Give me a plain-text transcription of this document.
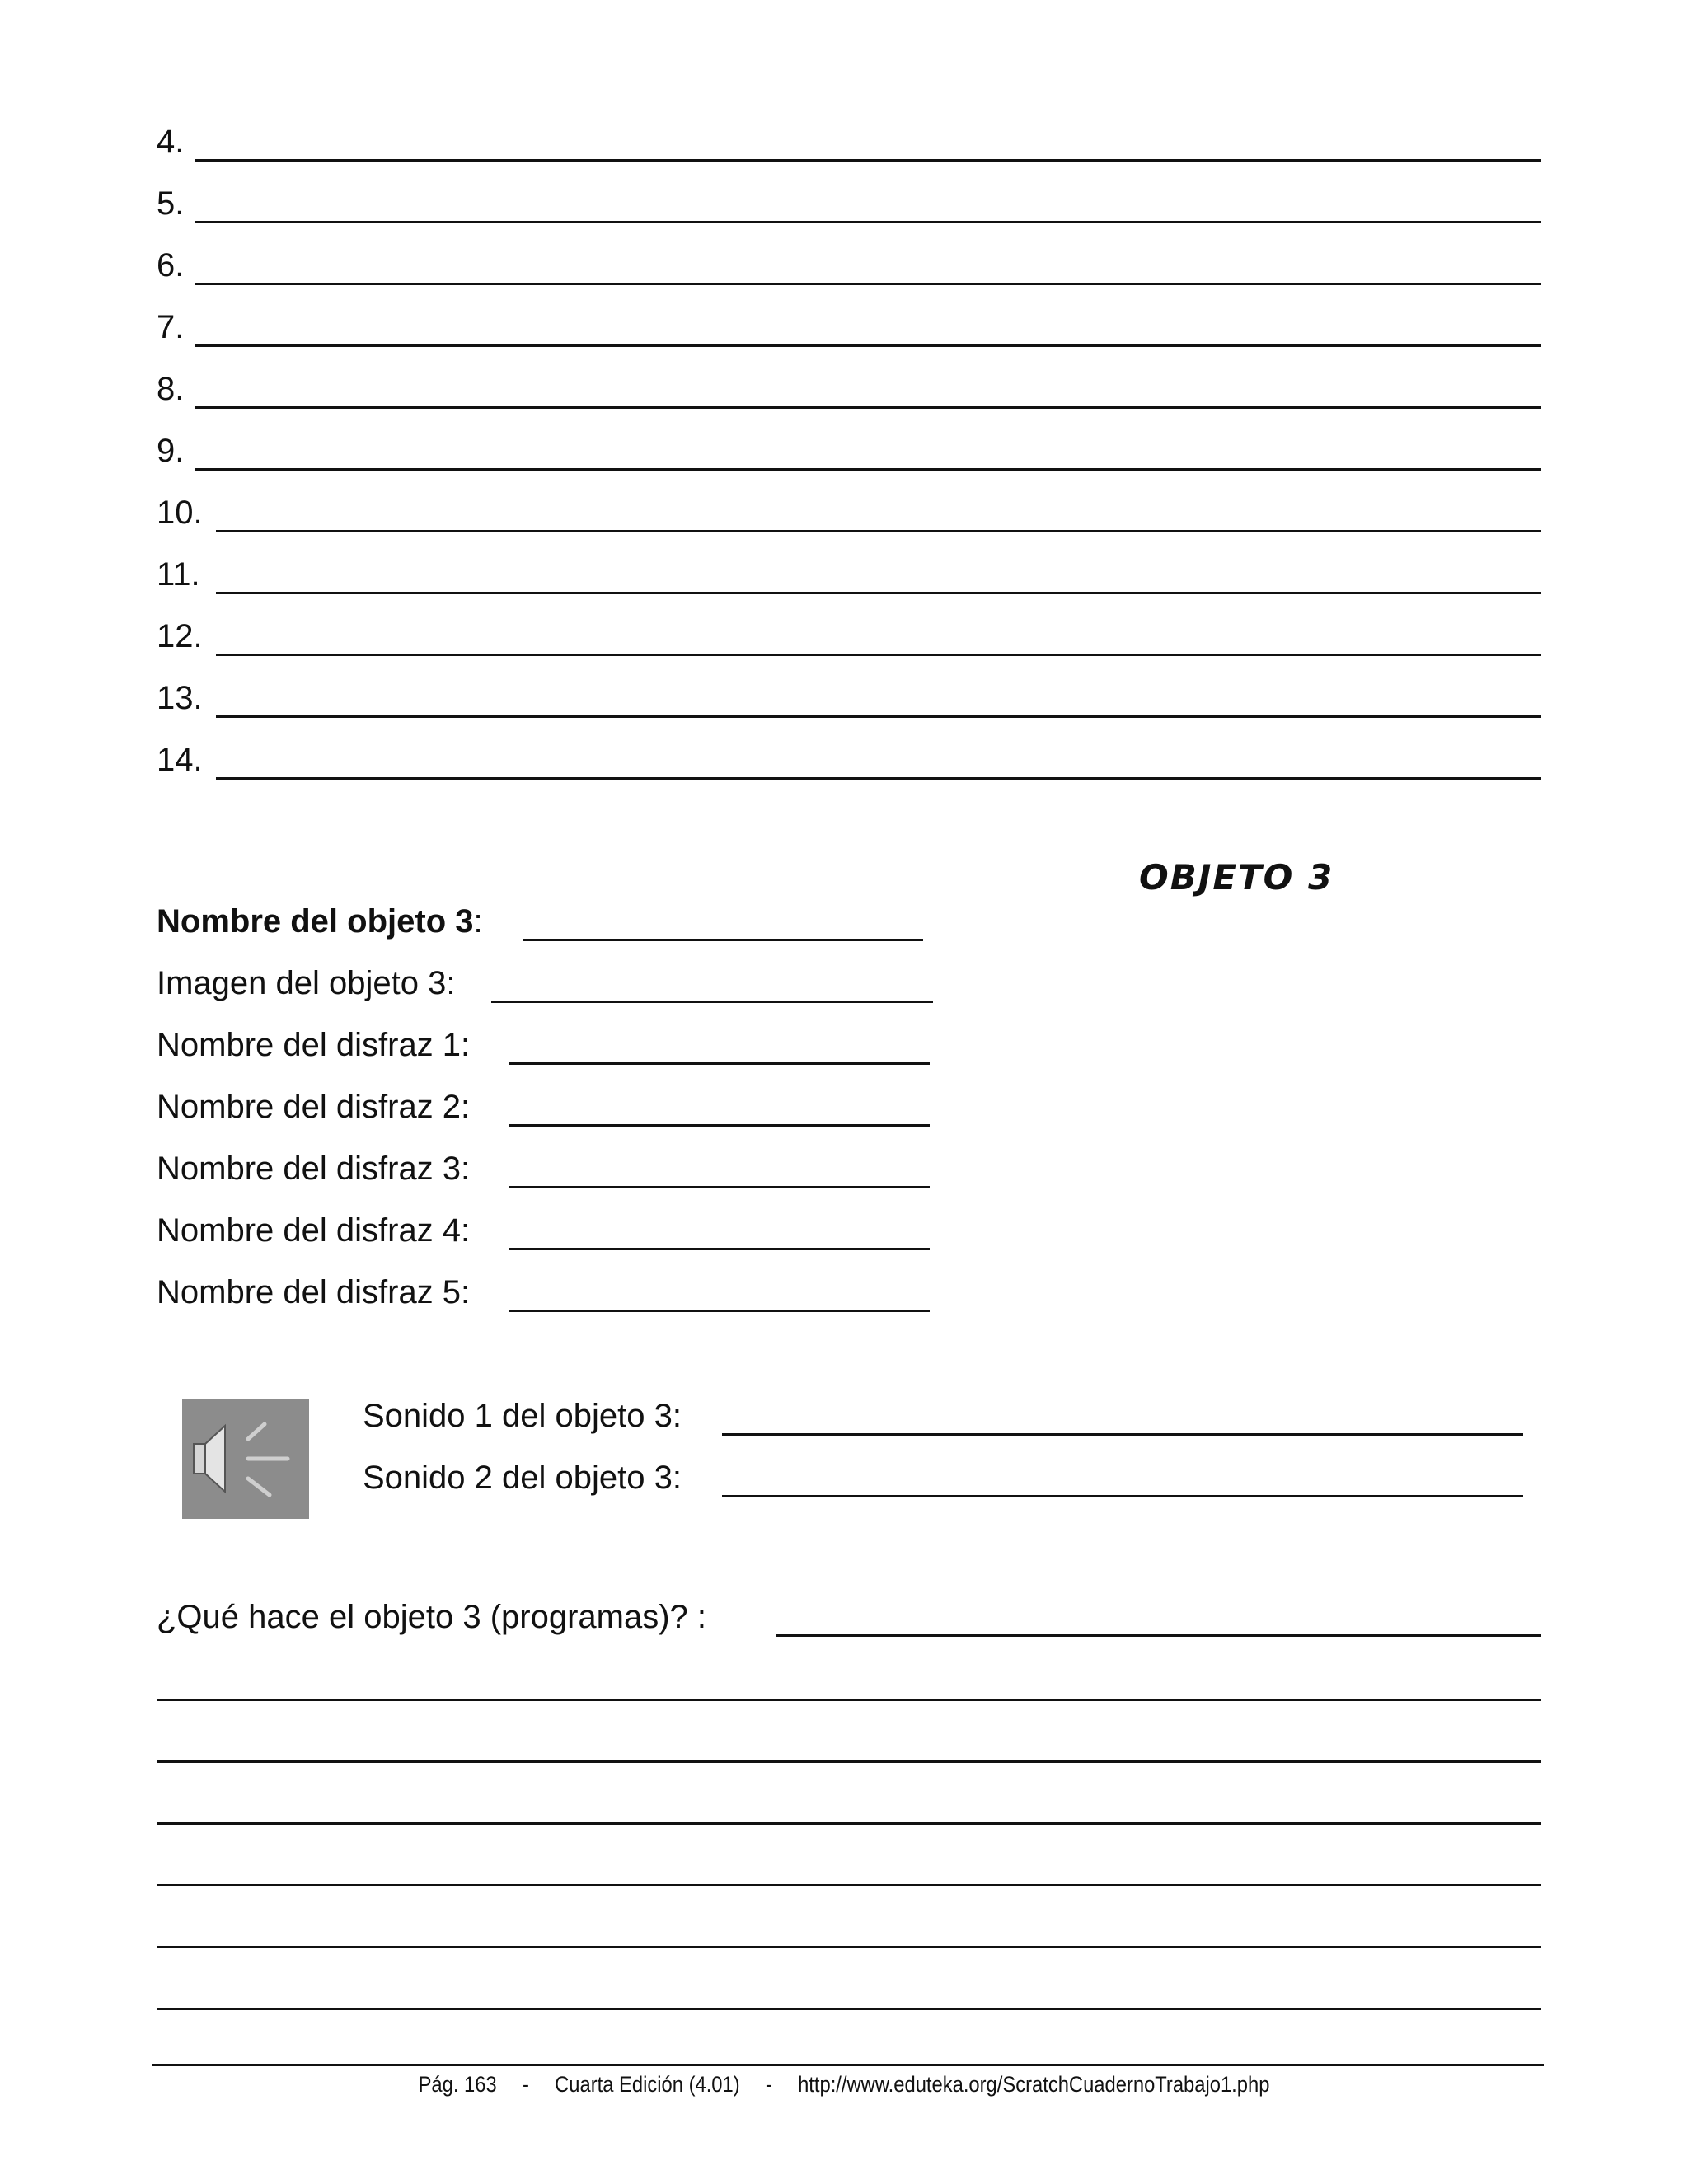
4.
5.
6.
7.
8.
9.
10.
11.
12.
13.
14.
OBJETO 3
Nombre del objeto 3:
Imagen del objeto 3:
Nombre del disfraz 1:
Nombre del disfraz 2:
Nombre del disfraz 3:
Nombre del disfraz 4:
Nombre del disfraz 5:
Sonido 1 del objeto 3:
Sonido 2 del objeto 3:
¿Qué hace el objeto 3 (programas)? :
Pág. 163 - Cuarta Edición (4.01) - http://www.eduteka.org/ScratchCuadernoTrabajo1.php
